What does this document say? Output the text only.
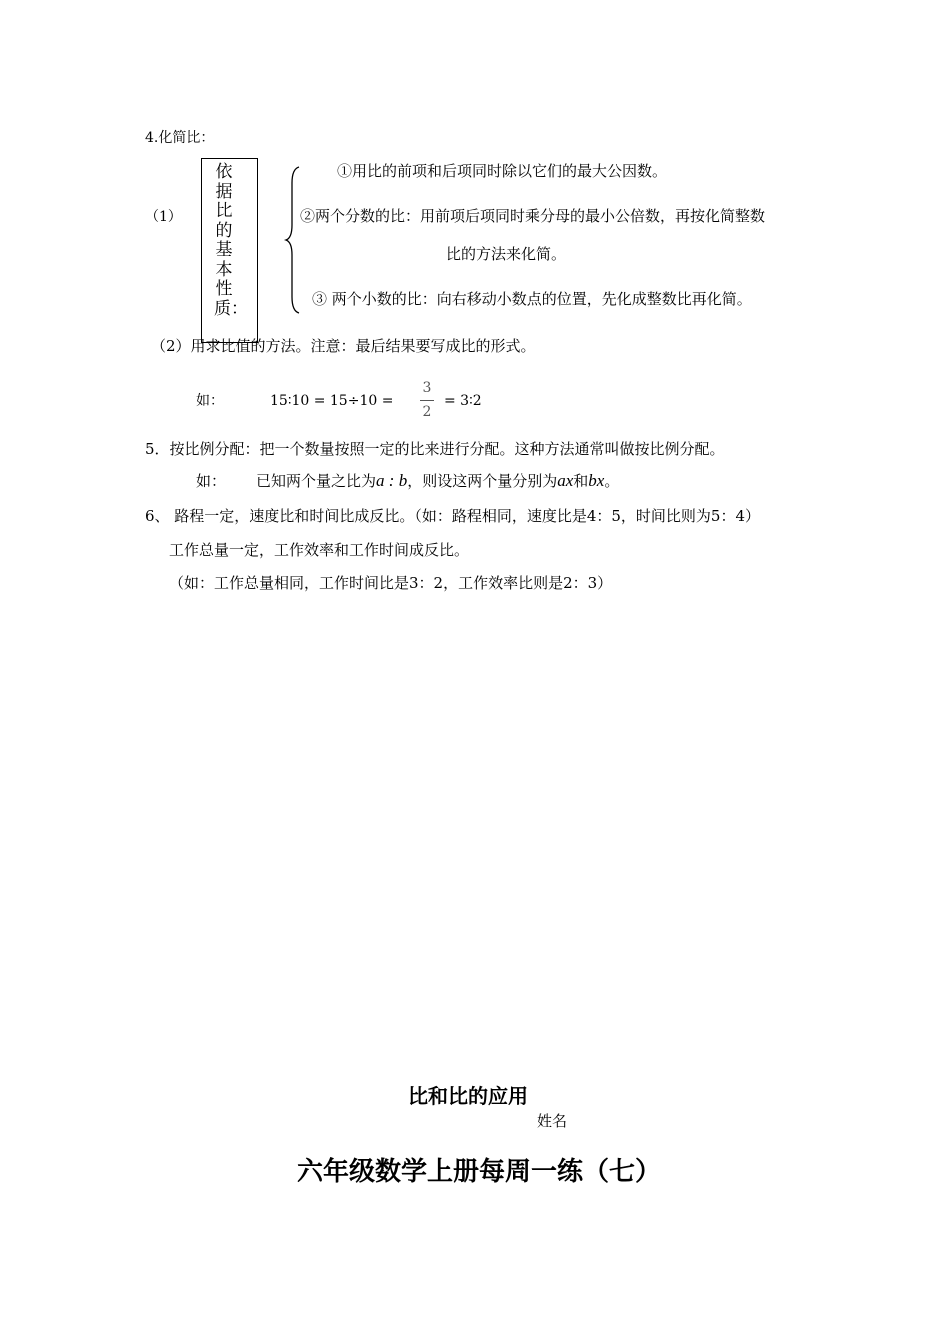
4.化简比：
（1）
依据比的基本性质：
①用比的前项和后项同时除以它们的最大公因数。
②两个分数的比：用前项后项同时乘分母的最小公倍数，再按化简整数
比的方法来化简。
③ 两个小数的比：向右移动小数点的位置，先化成整数比再化简。
（2）用求比值的方法。注意：最后结果要写成比的形式。
如：	15∶10 = 15÷10 =
3
2
= 3∶2
5．按比例分配：把一个数量按照一定的比来进行分配。这种方法通常叫做按比例分配。
如： 已知两个量之比为a : b，则设这两个量分别为ax和bx。
6、 路程一定，速度比和时间比成反比。（如：路程相同，速度比是4：5，时间比则为5：4）
工作总量一定，工作效率和工作时间成反比。
（如：工作总量相同，工作时间比是3：2，工作效率比则是2：3）
比和比的应用
姓名
六年级数学上册每周一练（七）
